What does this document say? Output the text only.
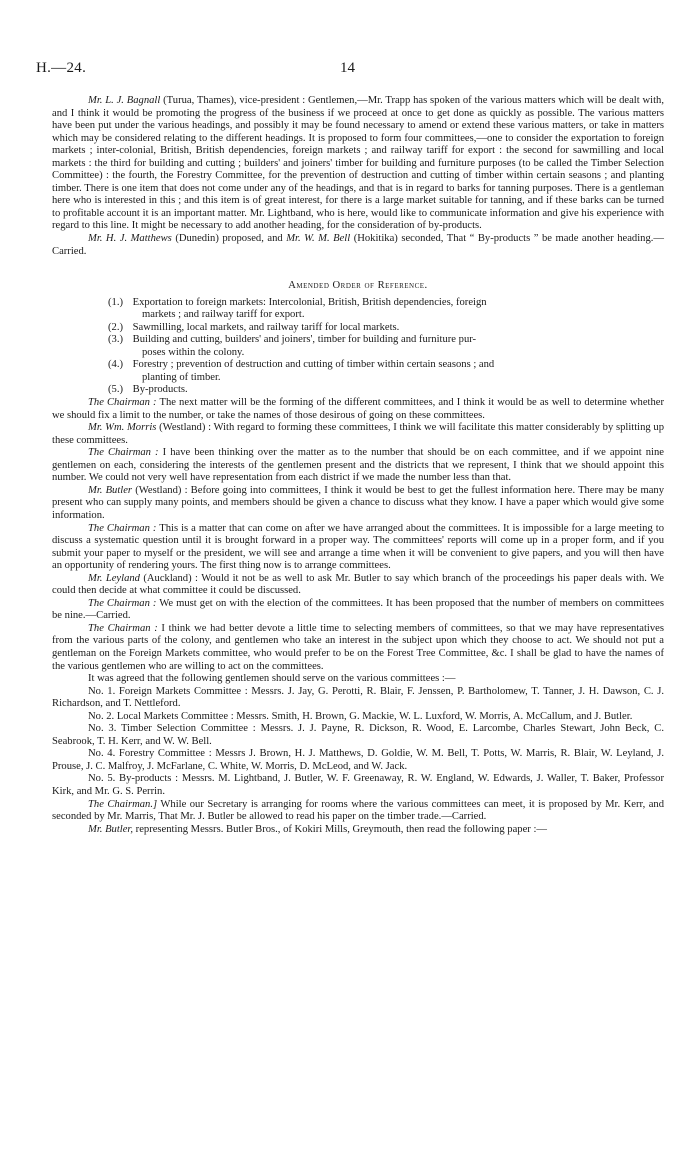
H.—24.	14

Mr. L. J. Bagnall (Turua, Thames), vice-president : Gentlemen,—Mr. Trapp has spoken of the various matters which will be dealt with, and I think it would be promoting the progress of the business if we proceed at once to get done as quickly as possible. The various matters have been put under the various headings, and possibly it may be found necessary to amend or extend these various matters, or take in matters which may be considered relating to the different headings. It is proposed to form four committees,—one to consider the exportation to foreign markets ; inter-colonial, British, British dependencies, foreign markets ; and railway tariff for export : the second for sawmilling and local markets : the third for building and cutting ; builders' and joiners' timber for building and furniture purposes (to be called the Timber Selection Committee) : the fourth, the Forestry Committee, for the prevention of destruction and cutting of timber within certain seasons ; and planting timber. There is one item that does not come under any of the headings, and that is in regard to barks for tanning purposes. There is a gentleman here who is interested in this ; and this item is of great interest, for there is a large market suitable for tanning, and if these barks can be turned to profitable account it is an important matter. Mr. Lightband, who is here, would like to communicate information and give his experience with regard to this line. It might be necessary to add another heading, for the consideration of by-products.

Mr. H. J. Matthews (Dunedin) proposed, and Mr. W. M. Bell (Hokitika) seconded, That “ By-products ” be made another heading.—Carried.

Amended Order of Reference.
(1.) Exportation to foreign markets: Intercolonial, British, British dependencies, foreign
markets ; and railway tariff for export.
(2.) Sawmilling, local markets, and railway tariff for local markets.
(3.) Building and cutting, builders' and joiners', timber for building and furniture pur-
poses within the colony.
(4.) Forestry ; prevention of destruction and cutting of timber within certain seasons ; and
planting of timber.
(5.) By-products.

The Chairman : The next matter will be the forming of the different committees, and I think it would be as well to determine whether we should fix a limit to the number, or take the names of those desirous of going on these committees.

Mr. Wm. Morris (Westland) : With regard to forming these committees, I think we will facilitate this matter considerably by splitting up these committees.

The Chairman : I have been thinking over the matter as to the number that should be on each committee, and if we appoint nine gentlemen on each, considering the interests of the gentlemen present and the districts that we represent, I think that we should appoint this number. We could not very well have representation from each district if we made the number less than that.

Mr. Butler (Westland) : Before going into committees, I think it would be best to get the fullest information here. There may be many present who can supply many points, and members should be given a chance to discuss what they know. I have a paper which would give some information.

The Chairman : This is a matter that can come on after we have arranged about the committees. It is impossible for a large meeting to discuss a systematic question until it is brought forward in a proper way. The committees' reports will come up in a proper form, and if you submit your paper to myself or the president, we will see and arrange a time when it will be convenient to give papers, and you will then have an opportunity of rendering yours. The first thing now is to arrange committees.

Mr. Leyland (Auckland) : Would it not be as well to ask Mr. Butler to say which branch of the proceedings his paper deals with. We could then decide at what committee it could be discussed.

The Chairman : We must get on with the election of the committees. It has been proposed that the number of members on committees be nine.—Carried.

The Chairman : I think we had better devote a little time to selecting members of committees, so that we may have representatives from the various parts of the colony, and gentlemen who take an interest in the subject upon which they choose to act. We should not put a gentleman on the Foreign Markets committee, who would prefer to be on the Forest Tree Committee, &c. I shall be glad to have the names of the various gentlemen who are willing to act on the committees.

It was agreed that the following gentlemen should serve on the various committees :—

No. 1. Foreign Markets Committee : Messrs. J. Jay, G. Perotti, R. Blair, F. Jenssen, P. Bartholomew, T. Tanner, J. H. Dawson, C. J. Richardson, and T. Nettleford.

No. 2. Local Markets Committee : Messrs. Smith, H. Brown, G. Mackie, W. L. Luxford, W. Morris, A. McCallum, and J. Butler.

No. 3. Timber Selection Committee : Messrs. J. J. Payne, R. Dickson, R. Wood, E. Larcombe, Charles Stewart, John Beck, C. Seabrook, T. H. Kerr, and W. W. Bell.

No. 4. Forestry Committee : Messrs J. Brown, H. J. Matthews, D. Goldie, W. M. Bell, T. Potts, W. Marris, R. Blair, W. Leyland, J. Prouse, J. C. Malfroy, J. McFarlane, C. White, W. Morris, D. McLeod, and W. Jack.

No. 5. By-products : Messrs. M. Lightband, J. Butler, W. F. Greenaway, R. W. England, W. Edwards, J. Waller, T. Baker, Professor Kirk, and Mr. G. S. Perrin.

The Chairman.] While our Secretary is arranging for rooms where the various committees can meet, it is proposed by Mr. Kerr, and seconded by Mr. Marris, That Mr. J. Butler be allowed to read his paper on the timber trade.—Carried.

Mr. Butler, representing Messrs. Butler Bros., of Kokiri Mills, Greymouth, then read the following paper :—
